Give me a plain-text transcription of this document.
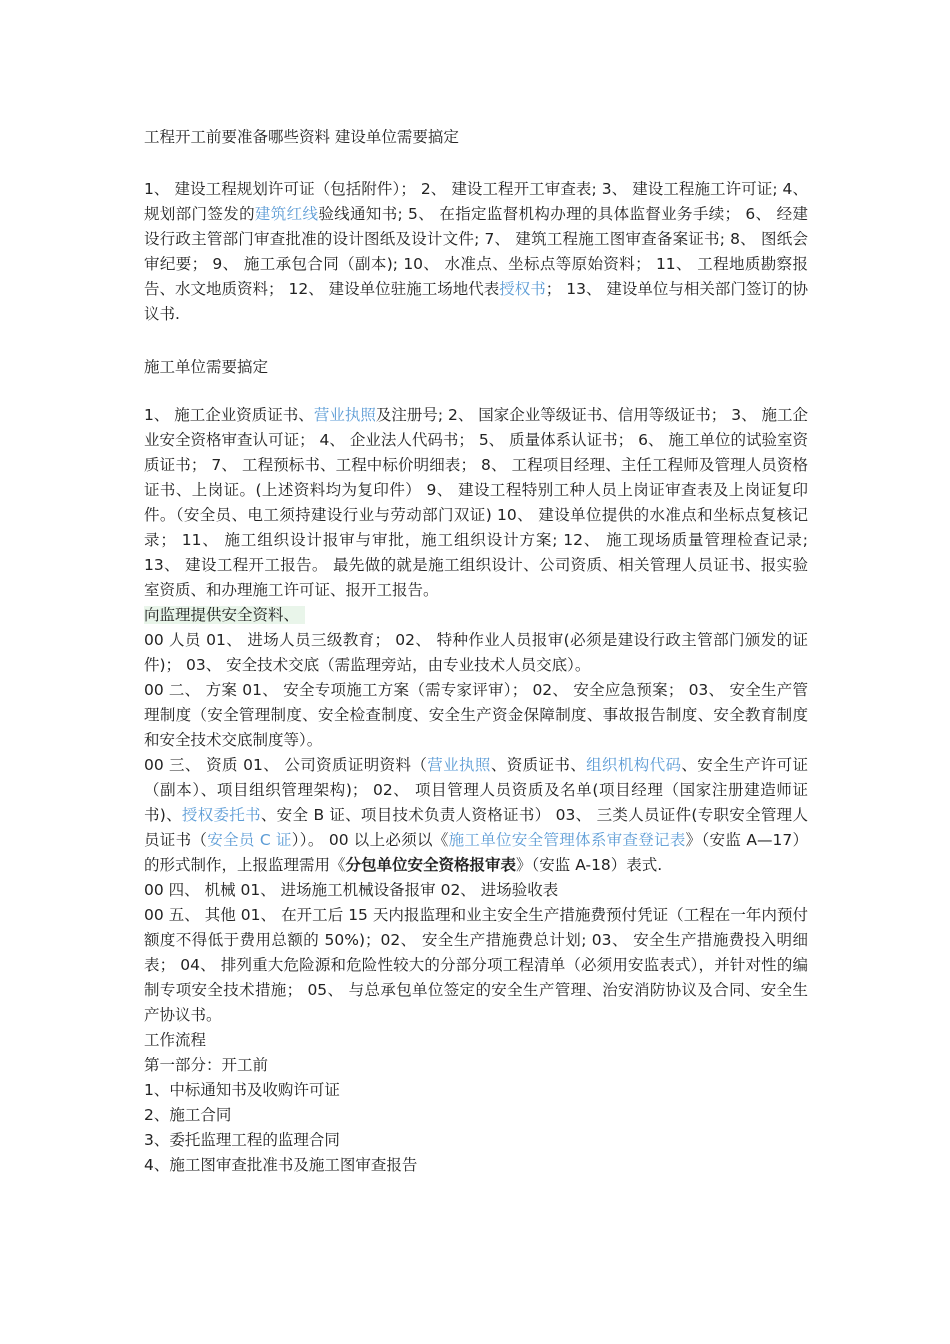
工程开工前要准备哪些资料 建设单位需要搞定

1、 建设工程规划许可证（包括附件）； 2、 建设工程开工审查表; 3、 建设工程施工许可证; 4、 规划部门签发的建筑红线验线通知书; 5、 在指定监督机构办理的具体监督业务手续； 6、 经建设行政主管部门审查批准的设计图纸及设计文件; 7、 建筑工程施工图审查备案证书; 8、 图纸会审纪要； 9、 施工承包合同（副本); 10、 水准点、坐标点等原始资料； 11、 工程地质勘察报告、水文地质资料； 12、 建设单位驻施工场地代表授权书； 13、 建设单位与相关部门签订的协议书.

施工单位需要搞定

1、 施工企业资质证书、营业执照及注册号; 2、 国家企业等级证书、信用等级证书； 3、 施工企业安全资格审查认可证； 4、 企业法人代码书； 5、 质量体系认证书； 6、 施工单位的试验室资质证书； 7、 工程预标书、工程中标价明细表； 8、 工程项目经理、主任工程师及管理人员资格证书、上岗证。(上述资料均为复印件） 9、 建设工程特别工种人员上岗证审查表及上岗证复印件。（安全员、电工须持建设行业与劳动部门双证) 10、 建设单位提供的水准点和坐标点复核记录； 11、 施工组织设计报审与审批，施工组织设计方案; 12、 施工现场质量管理检查记录; 13、 建设工程开工报告。 最先做的就是施工组织设计、公司资质、相关管理人员证书、报实验室资质、和办理施工许可证、报开工报告。

向监理提供安全资料、

00 人员 01、 进场人员三级教育； 02、 特种作业人员报审(必须是建设行政主管部门颁发的证件)； 03、 安全技术交底（需监理旁站，由专业技术人员交底）。

00 二、 方案 01、 安全专项施工方案（需专家评审）； 02、 安全应急预案； 03、 安全生产管理制度（安全管理制度、安全检查制度、安全生产资金保障制度、事故报告制度、安全教育制度和安全技术交底制度等）。

00 三、 资质 01、 公司资质证明资料（营业执照、资质证书、组织机构代码、安全生产许可证（副本）、项目组织管理架构)； 02、 项目管理人员资质及名单(项目经理（国家注册建造师证书)、授权委托书、安全 B 证、项目技术负责人资格证书） 03、 三类人员证件(专职安全管理人员证书（安全员 C 证））。 00 以上必须以《施工单位安全管理体系审查登记表》（安监 A—17）的形式制作，上报监理需用《分包单位安全资格报审表》（安监 A-18）表式.

00 四、 机械 01、 进场施工机械设备报审 02、 进场验收表

00 五、 其他 01、 在开工后 15 天内报监理和业主安全生产措施费预付凭证（工程在一年内预付额度不得低于费用总额的 50%)；02、 安全生产措施费总计划; 03、 安全生产措施费投入明细表； 04、 排列重大危险源和危险性较大的分部分项工程清单（必须用安监表式），并针对性的编制专项安全技术措施； 05、 与总承包单位签定的安全生产管理、治安消防协议及合同、安全生产协议书。

工作流程

第一部分：开工前

1、中标通知书及收购许可证

2、施工合同

3、委托监理工程的监理合同

4、施工图审查批准书及施工图审查报告
